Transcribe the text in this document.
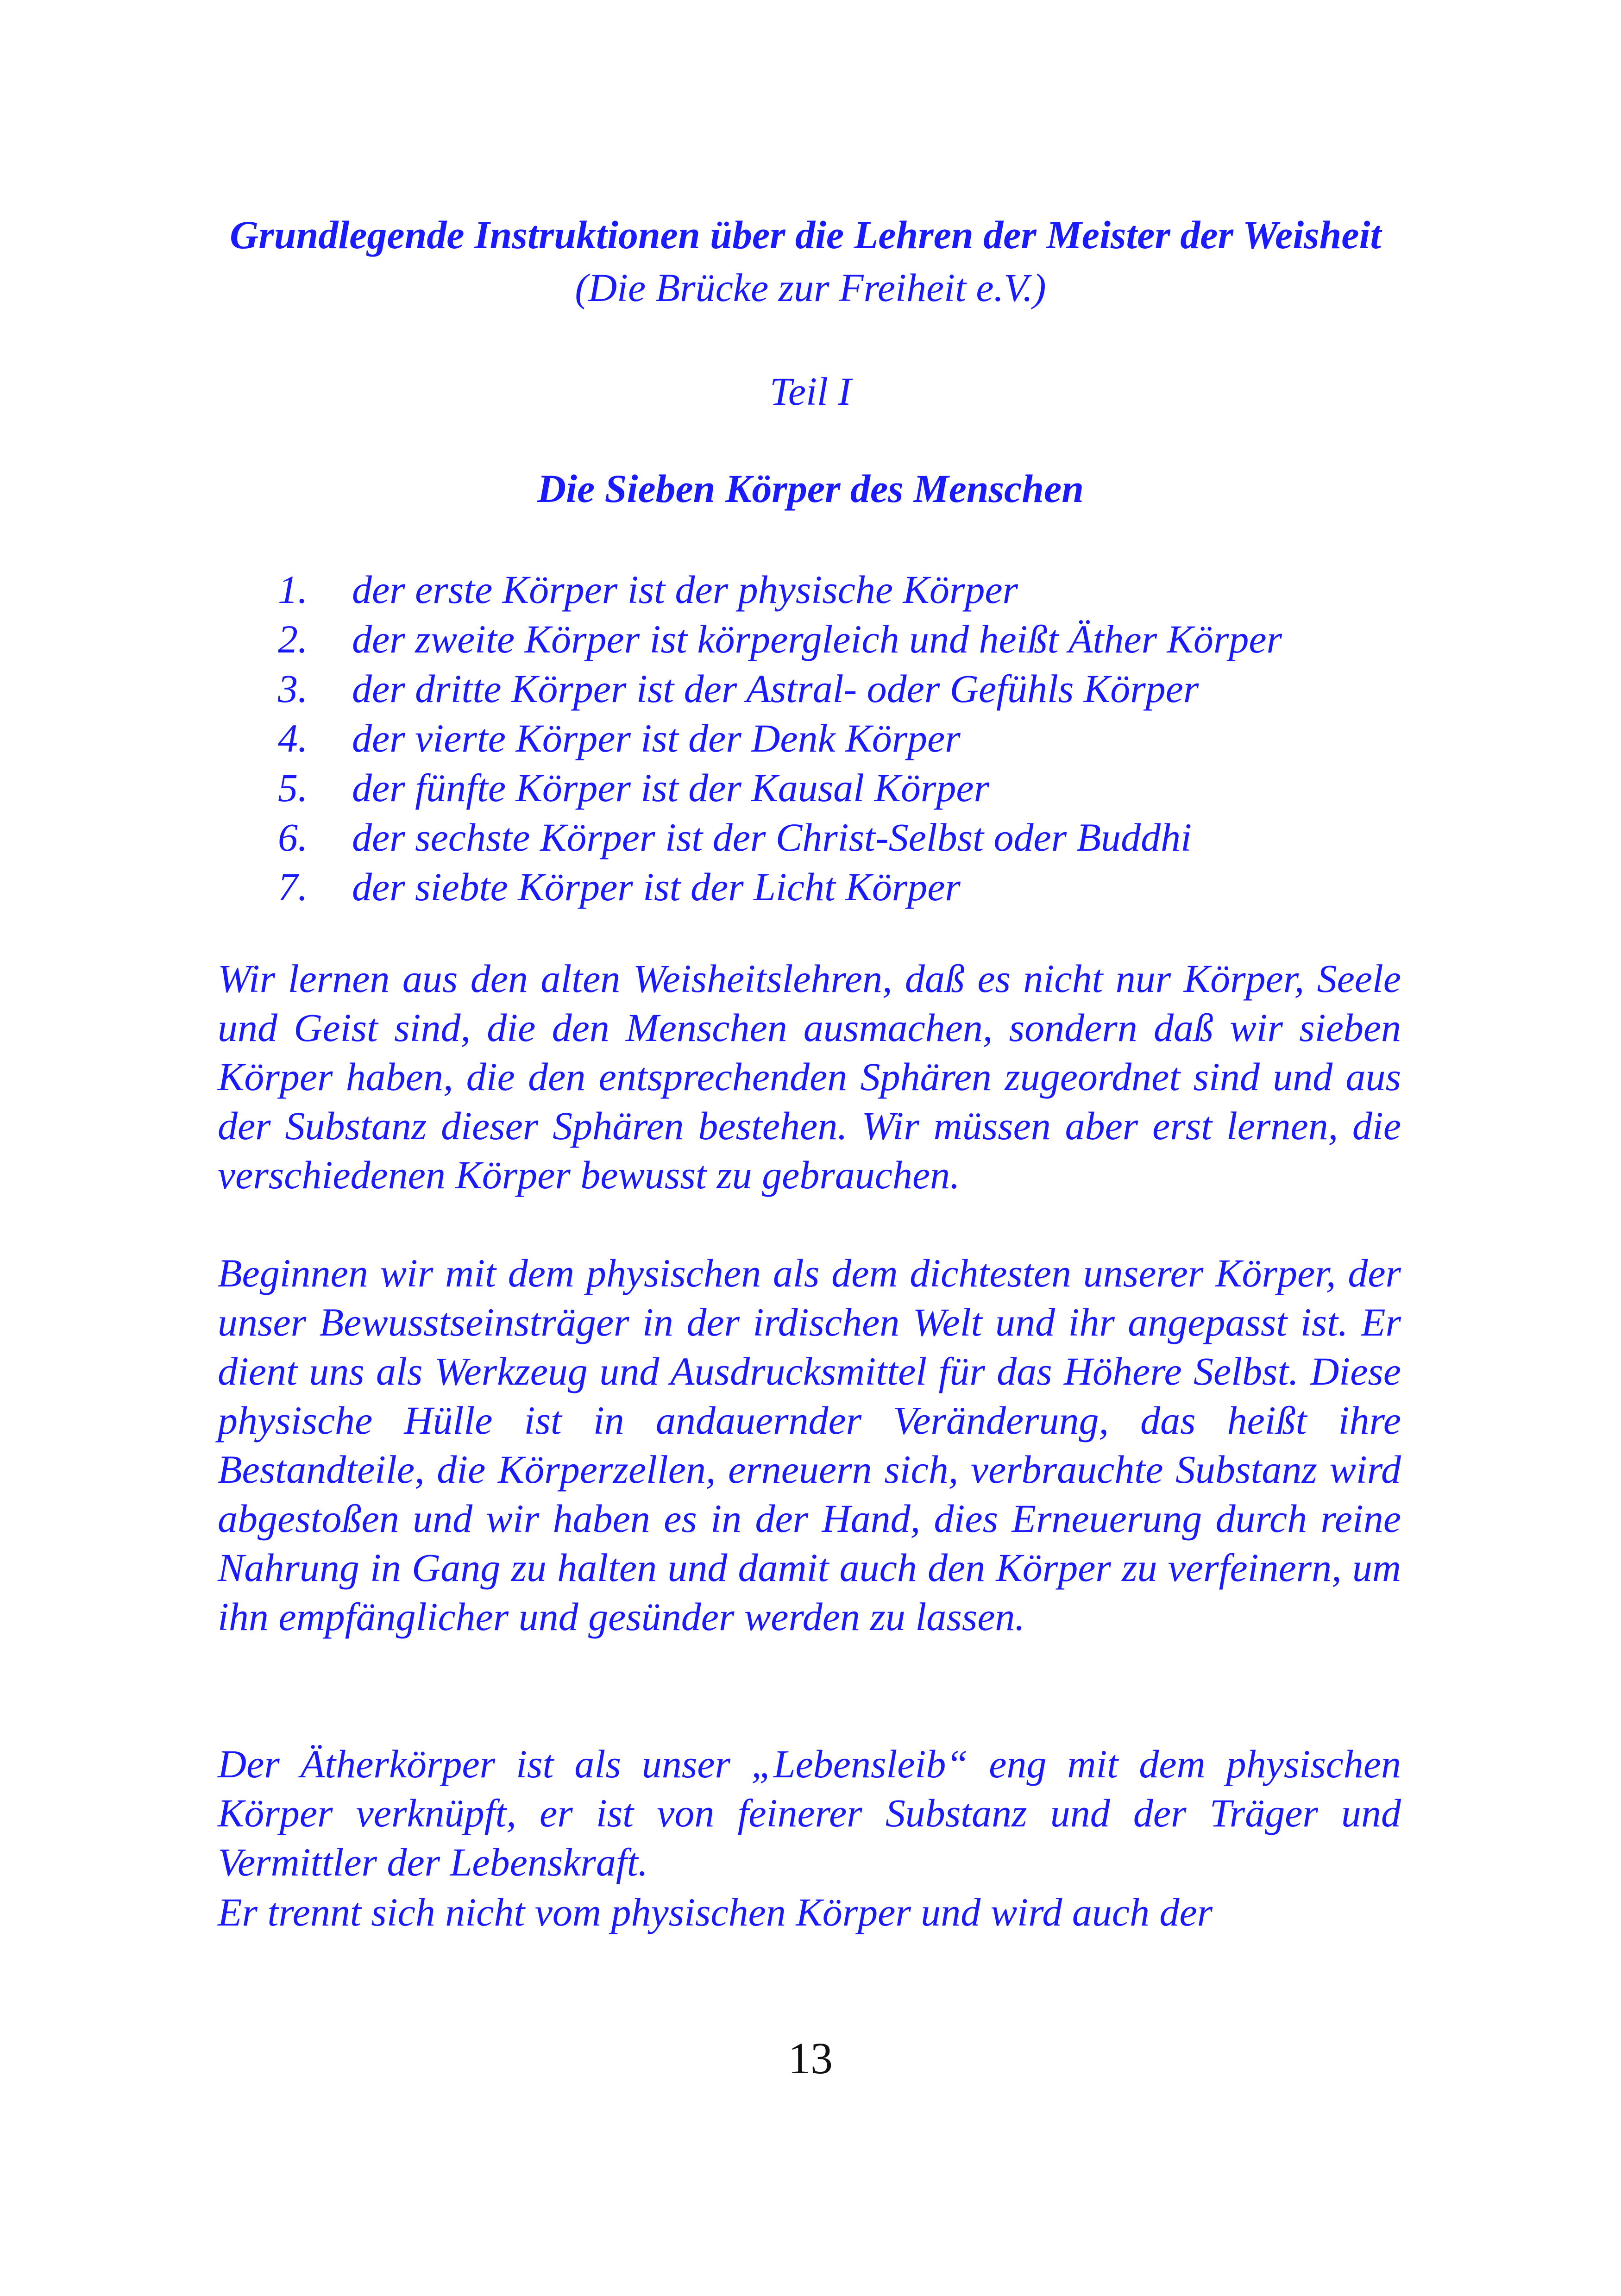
Grundlegende Instruktionen über die Lehren der Meister der Weisheit  (Die Brücke zur Freiheit e.V.)
Teil I
Die Sieben Körper des Menschen
1.	der erste Körper ist der physische Körper
2.	der zweite Körper ist körpergleich und heißt Äther Körper
3.	der dritte Körper ist der Astral- oder Gefühls Körper
4.	der vierte Körper ist der Denk Körper
5.	der fünfte Körper ist der Kausal Körper
6.	der sechste Körper ist der Christ-Selbst oder Buddhi
7.	der siebte Körper ist der Licht Körper

Wir lernen aus den alten Weisheitslehren, daß es nicht nur Körper, Seele und Geist sind, die den Menschen ausmachen, sondern daß wir sieben Körper haben, die den entsprechenden Sphären zugeordnet sind und aus der Substanz dieser Sphären bestehen. Wir müssen aber erst lernen, die verschiedenen Körper bewusst zu gebrauchen.

Beginnen wir mit dem physischen als dem dichtesten unserer Körper, der unser Bewusstseinsträger in der irdischen Welt und ihr angepasst ist. Er dient uns als Werkzeug und Ausdrucksmittel für das Höhere Selbst. Diese physische Hülle ist in andauernder Veränderung, das heißt ihre Bestandteile, die Körperzellen, erneuern sich, verbrauchte Substanz wird abgestoßen und wir haben es in der Hand, dies Erneuerung durch reine Nahrung in Gang zu halten und damit auch den Körper zu verfeinern, um ihn empfänglicher und gesünder werden zu lassen.

Der Ätherkörper ist als unser „Lebensleib“ eng mit dem physischen Körper verknüpft, er ist von feinerer Substanz und der Träger und Vermittler der Lebenskraft.

Er trennt sich nicht vom physischen Körper und wird auch der

13
